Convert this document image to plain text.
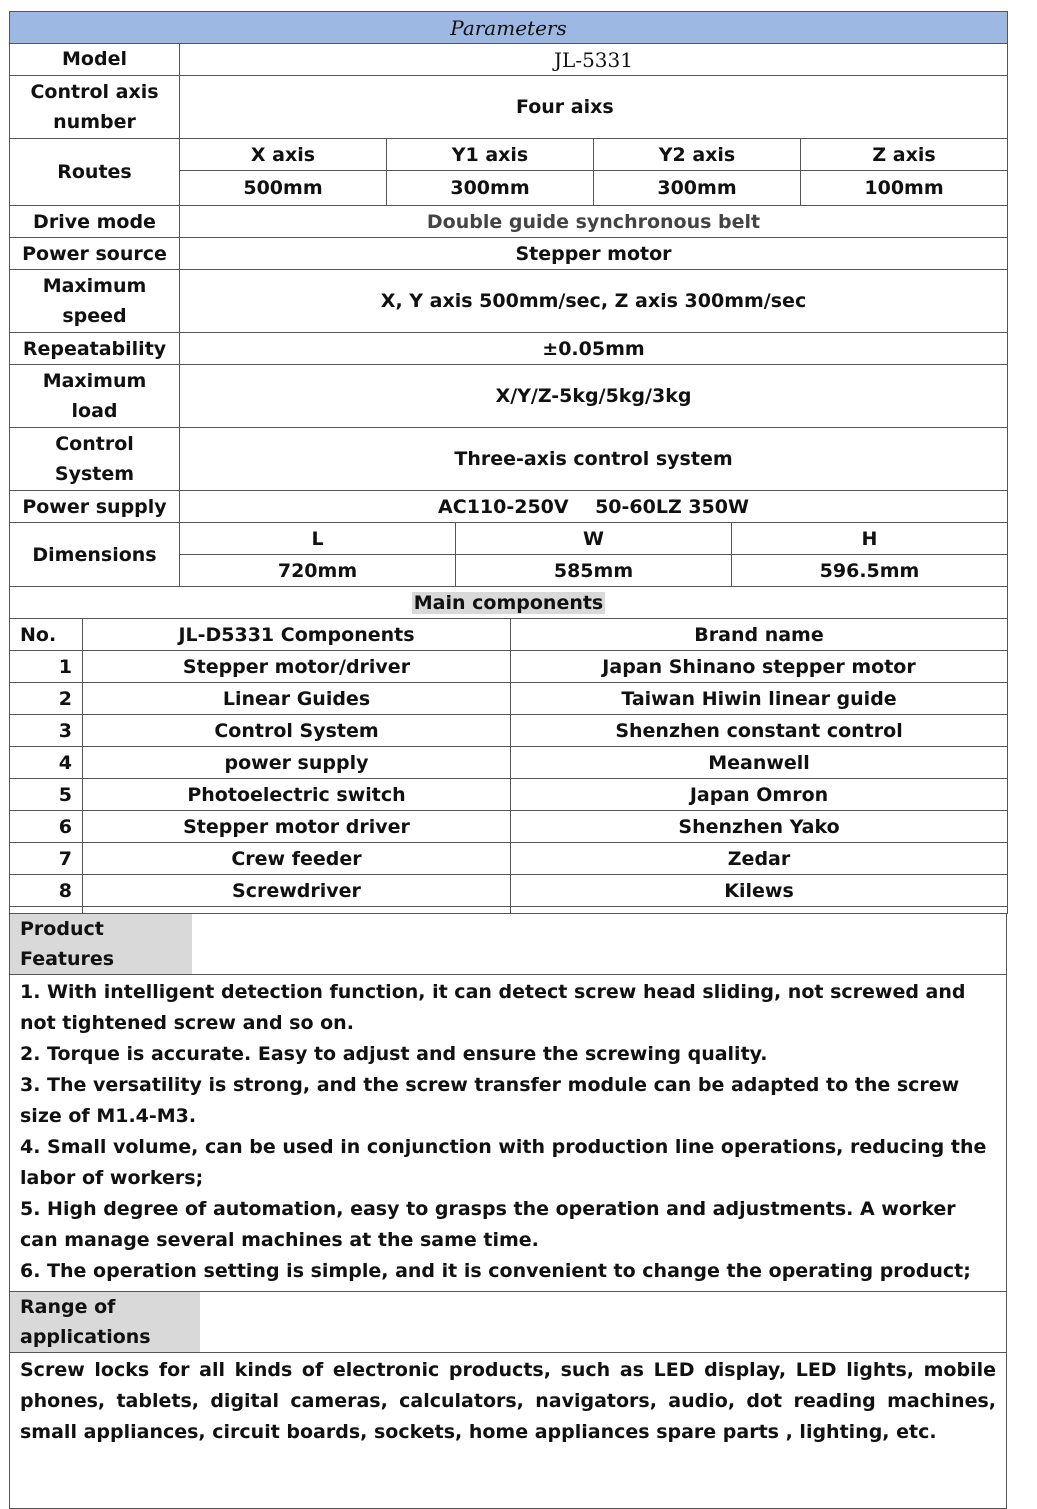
Parameters						
Model	JL-5331					
Control axis number	Four aixs					
Routes	X axis	Y1 axis		Y2 axis		Z axis
	500mm	300mm		300mm		100mm
Drive mode	Double guide synchronous belt					
Power source	Stepper motor					
Maximum speed	X, Y axis 500mm/sec, Z axis 300mm/sec					
Repeatability	±0.05mm					
Maximum load	X/Y/Z-5kg/5kg/3kg					
Control System	Three-axis control system					
Power supply	AC110-250V    50-60LZ 350W					
Dimensions	L		W		H	
	720mm		585mm		596.5mm	
Main components		
No.	JL-D5331 Components	Brand name
1	Stepper motor/driver	Japan Shinano stepper motor
2	Linear Guides	Taiwan Hiwin linear guide
3	Control System	Shenzhen constant control
4	power supply	Meanwell
5	Photoelectric switch	Japan Omron
6	Stepper motor driver	Shenzhen Yako
7	Crew feeder	Zedar
8	Screwdriver	Kilews

Product Features

1. With intelligent detection function, it can detect screw head sliding, not screwed and not tightened screw and so on.
2. Torque is accurate. Easy to adjust and ensure the screwing quality.
3. The versatility is strong, and the screw transfer module can be adapted to the screw size of M1.4-M3.
4. Small volume, can be used in conjunction with production line operations, reducing the labor of workers;
5. High degree of automation, easy to grasps the operation and adjustments. A worker can manage several machines at the same time.
6. The operation setting is simple, and it is convenient to change the operating product;

Range of applications
Screw locks for all kinds of electronic products, such as LED display, LED lights, mobile phones, tablets, digital cameras, calculators, navigators, audio, dot reading machines, small appliances, circuit boards, sockets, home appliances spare parts , lighting, etc.
